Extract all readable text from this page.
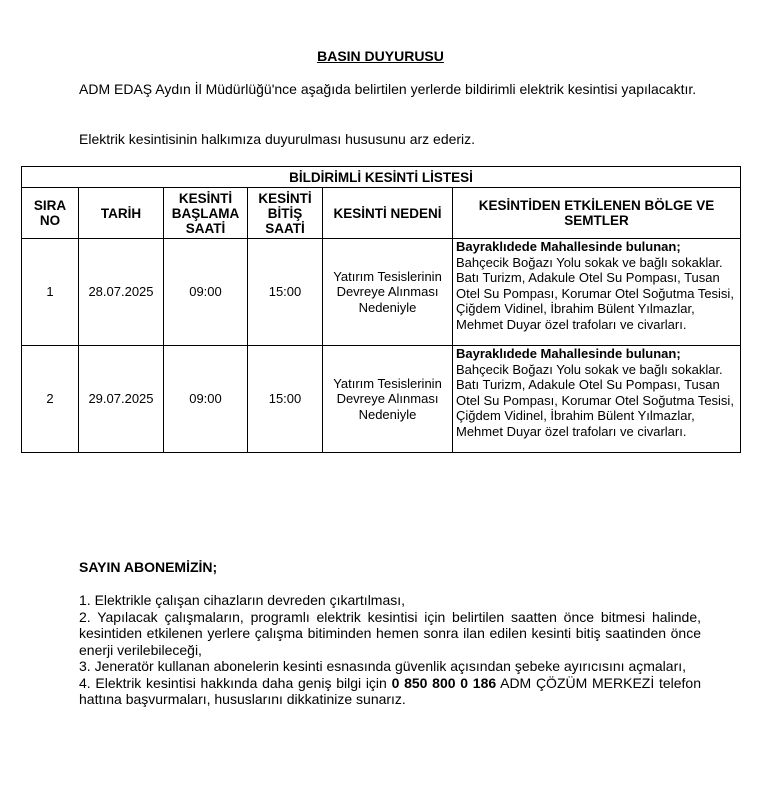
BASIN DUYURUSU
ADM EDAŞ Aydın İl Müdürlüğü'nce aşağıda belirtilen yerlerde bildirimli elektrik kesintisi yapılacaktır.
Elektrik kesintisinin halkımıza duyurulması hususunu arz ederiz.
BİLDİRİMLİ KESİNTİ LİSTESİ					
SIRA NO	TARİH	KESİNTİ BAŞLAMA SAATİ	KESİNTİ BİTİŞ SAATİ	KESİNTİ NEDENİ	KESİNTİDEN ETKİLENEN BÖLGE VE SEMTLER
1	28.07.2025	09:00	15:00	Yatırım Tesislerinin Devreye Alınması Nedeniyle	Bayraklıdede Mahallesinde bulunan;
Bahçecik Boğazı Yolu sokak ve bağlı sokaklar. Batı Turizm, Adakule Otel Su Pompası, Tusan Otel Su Pompası, Korumar Otel Soğutma Tesisi, Çiğdem Vidinel, İbrahim Bülent Yılmazlar, Mehmet Duyar özel trafoları ve civarları.

2	29.07.2025	09:00	15:00	Yatırım Tesislerinin Devreye Alınması Nedeniyle	Bayraklıdede Mahallesinde bulunan;
Bahçecik Boğazı Yolu sokak ve bağlı sokaklar. Batı Turizm, Adakule Otel Su Pompası, Tusan Otel Su Pompası, Korumar Otel Soğutma Tesisi, Çiğdem Vidinel, İbrahim Bülent Yılmazlar, Mehmet Duyar özel trafoları ve civarları.
SAYIN ABONEMİZİN;
1. Elektrikle çalışan cihazların devreden çıkartılması,
2. Yapılacak çalışmaların, programlı elektrik kesintisi için belirtilen saatten önce bitmesi halinde, kesintiden etkilenen yerlere çalışma bitiminden hemen sonra ilan edilen kesinti bitiş saatinden önce enerji verilebileceği,
3. Jeneratör kullanan abonelerin kesinti esnasında güvenlik açısından şebeke ayırıcısını açmaları,
4. Elektrik kesintisi hakkında daha geniş bilgi için 0 850 800 0 186 ADM ÇÖZÜM MERKEZİ telefon hattına başvurmaları, hususlarını dikkatinize sunarız.
